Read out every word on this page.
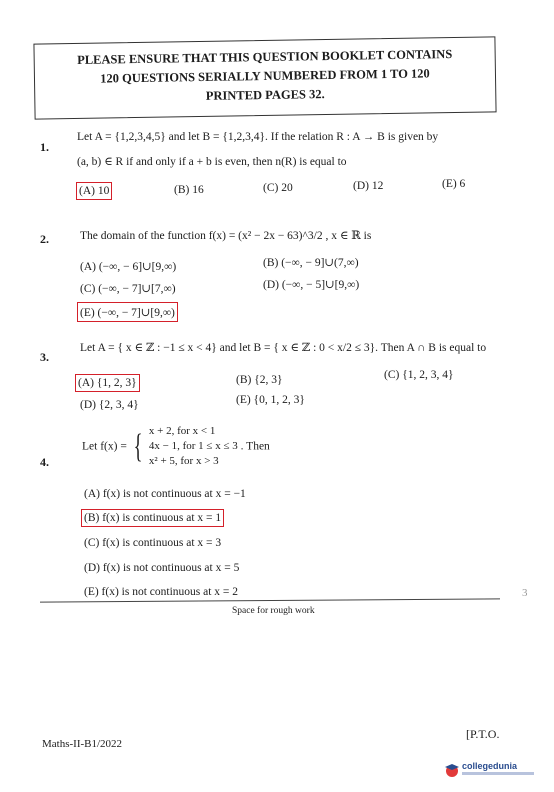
PLEASE ENSURE THAT THIS QUESTION BOOKLET CONTAINS
120 QUESTIONS SERIALLY NUMBERED FROM 1 TO 120
PRINTED PAGES 32.
1.
Let A = {1,2,3,4,5} and let B = {1,2,3,4}. If the relation R : A → B is given by
(a, b) ∈ R if and only if a + b is even, then n(R) is equal to
(A) 10	(B) 16	(C) 20	(D) 12	(E) 6
2.	The domain of the function f(x) = (x² − 2x − 63)^3/2 , x ∈ ℝ is
(A) (−∞, − 6]∪[9,∞)	(B) (−∞, − 9]∪(7,∞)
(C) (−∞, − 7]∪[7,∞)	(D) (−∞, − 5]∪[9,∞)
(E) (−∞, − 7]∪[9,∞)
3.
Let A = { x ∈ ℤ : −1 ≤ x < 4} and let B = { x ∈ ℤ : 0 < x/2 ≤ 3}. Then A ∩ B is equal to
(A) {1, 2, 3}	(B) {2, 3}	(C) {1, 2, 3, 4}
(D) {2, 3, 4}	(E) {0, 1, 2, 3}
4.
Let f(x) = { x + 2, for x < 1
4x − 1, for 1 ≤ x ≤ 3
x² + 5, for x > 3
. Then
(A) f(x) is not continuous at x = −1
(B) f(x) is continuous at x = 1
(C) f(x) is continuous at x = 3
(D) f(x) is not continuous at x = 5
(E) f(x) is not continuous at x = 2
Space for rough work
3
Maths-II-B1/2022
[P.T.O.
collegedunia
